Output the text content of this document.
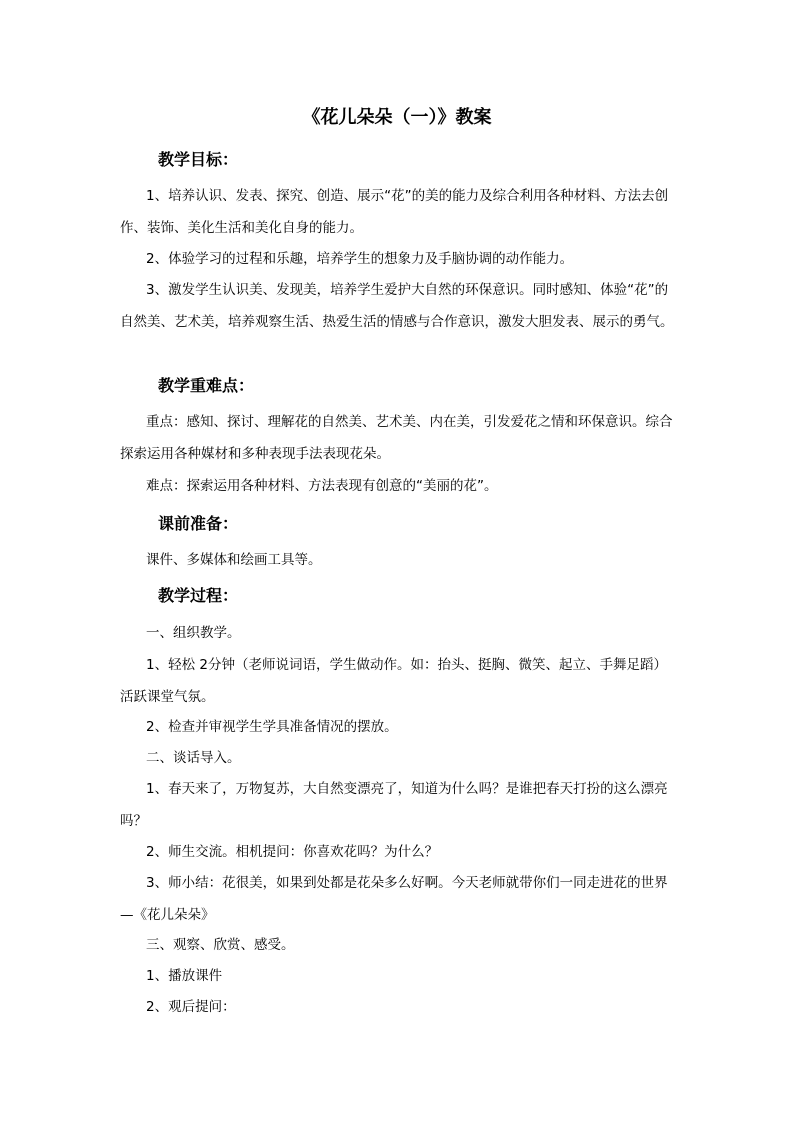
《花儿朵朵（一）》教案
教学目标：
1、培养认识、发表、探究、创造、展示“花”的美的能力及综合利用各种材料、方法去创作、装饰、美化生活和美化自身的能力。
2、体验学习的过程和乐趣，培养学生的想象力及手脑协调的动作能力。
3、激发学生认识美、发现美，培养学生爱护大自然的环保意识。同时感知、体验“花”的自然美、艺术美，培养观察生活、热爱生活的情感与合作意识，激发大胆发表、展示的勇气。
教学重难点：
重点：感知、探讨、理解花的自然美、艺术美、内在美，引发爱花之情和环保意识。综合探索运用各种媒材和多种表现手法表现花朵。
难点：探索运用各种材料、方法表现有创意的“美丽的花”。
课前准备：
课件、多媒体和绘画工具等。
教学过程：
一、组织教学。
1、轻松 2分钟（老师说词语，学生做动作。如：抬头、挺胸、微笑、起立、手舞足蹈）活跃课堂气氛。
2、检查并审视学生学具准备情况的摆放。
二、谈话导入。
1、春天来了，万物复苏，大自然变漂亮了，知道为什么吗？是谁把春天打扮的这么漂亮吗？
2、师生交流。相机提问：你喜欢花吗？为什么？
3、师小结：花很美，如果到处都是花朵多么好啊。今天老师就带你们一同走进花的世界—《花儿朵朵》
三、观察、欣赏、感受。
1、播放课件
2、观后提问：
